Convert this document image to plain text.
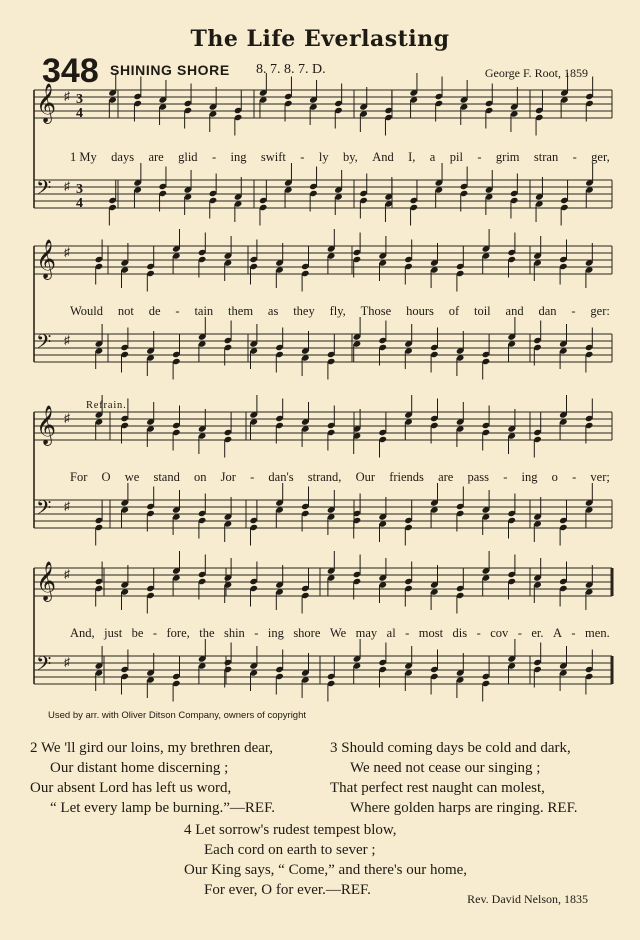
The Life Everlasting
348 SHINING SHORE 8. 7. 8. 7. D.	George F. Root, 1859
𝄞 ♯ 3
4
𝄢 ♯ 3
4
𝄞 ♯
𝄢 ♯
𝄞 ♯
𝄢 ♯
𝄞 ♯
𝄢 ♯
Refrain.
1 My days are glid - ing swift - ly by, And I, a pil - grim stran - ger,
Would not de - tain them as they fly, Those hours of toil and dan - ger:
For O we stand on Jor - dan's strand, Our friends are pass - ing o - ver;
And, just be - fore, the shin - ing shore We may al - most dis - cov - er. A - men.
Used by arr. with Oliver Ditson Company, owners of copyright
2 We 'll gird our loins, my brethren dear,
Our distant home discerning ;
Our absent Lord has left us word,
“ Let every lamp be burning.”—REF.
3 Should coming days be cold and dark,
We need not cease our singing ;
That perfect rest naught can molest,
Where golden harps are ringing. REF.
4 Let sorrow's rudest tempest blow,
Each cord on earth to sever ;
Our King says, “ Come,” and there's our home,
For ever, O for ever.—REF.
Rev. David Nelson, 1835
